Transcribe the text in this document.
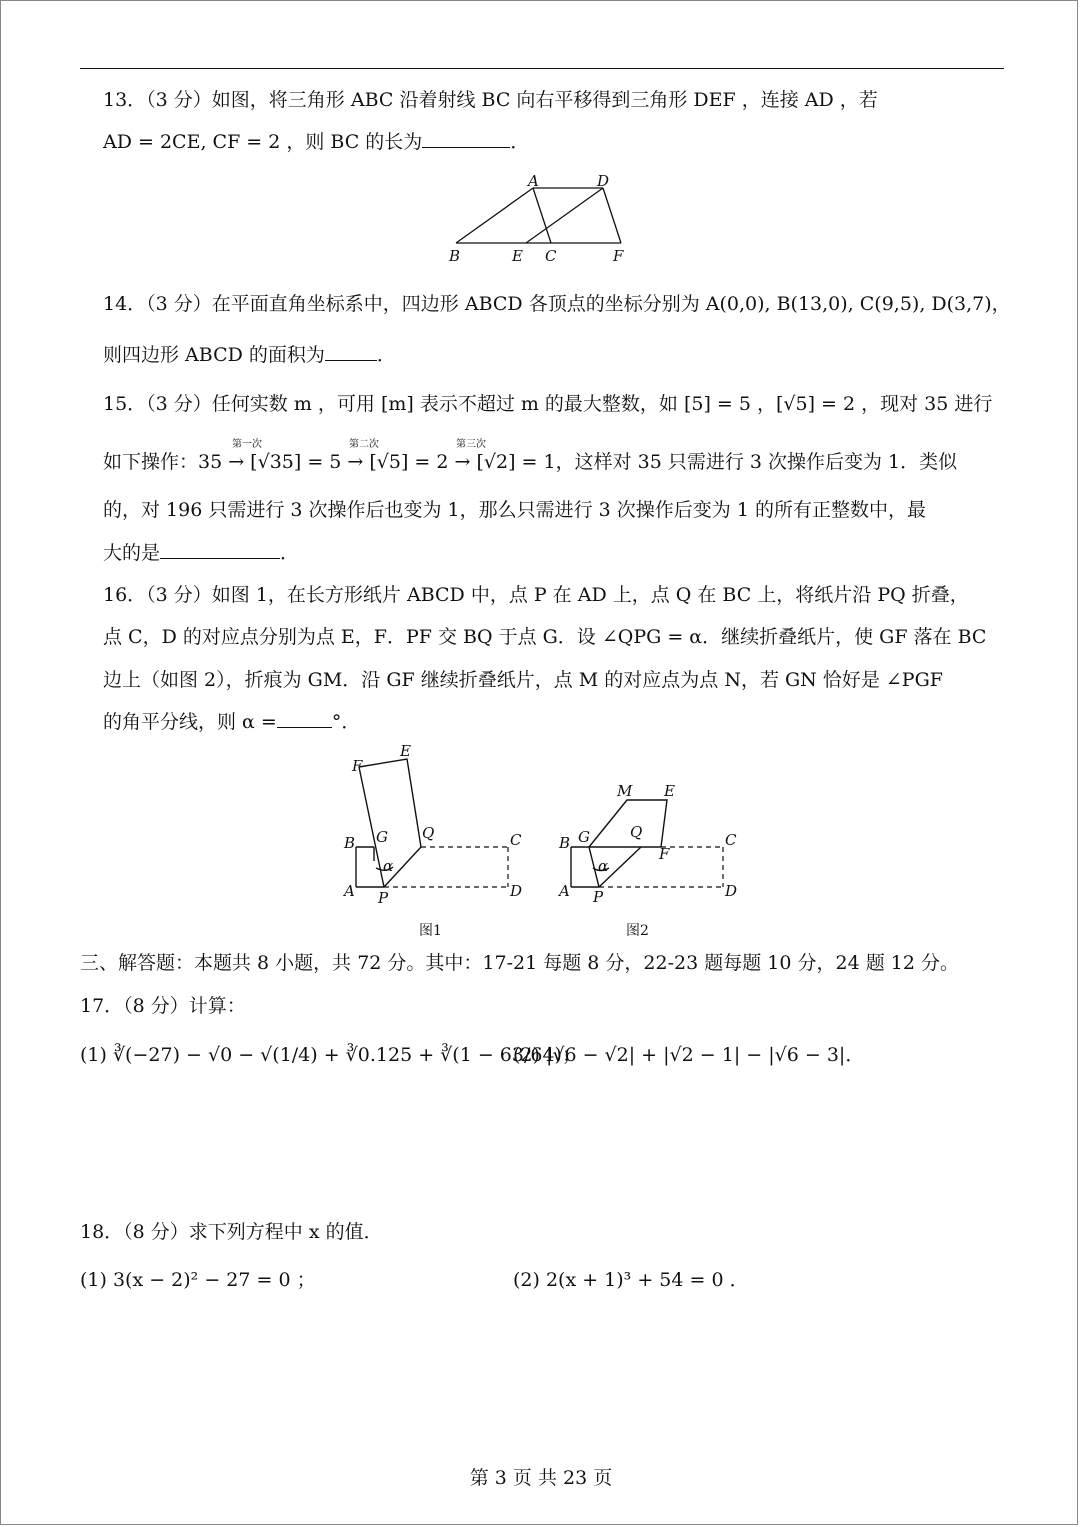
13．（3 分）如图，将三角形 ABC 沿着射线 BC 向右平移得到三角形 DEF ，连接 AD ，若
AD = 2CE, CF = 2 ，则 BC 的长为	．
A	D
B	E C	F
14．（3 分）在平面直角坐标系中，四边形 ABCD 各顶点的坐标分别为 A(0,0), B(13,0), C(9,5), D(3,7)，
则四边形 ABCD 的面积为	．
15．（3 分）任何实数 m ，可用 [m] 表示不超过 m 的最大整数，如 [5] = 5 ，[√5] = 2 ，现对 35 进行
第一次	第二次	第三次
如下操作：35 → [√35] = 5 → [√5] = 2 → [√2] = 1，这样对 35 只需进行 3 次操作后变为 1．类似
的，对 196 只需进行 3 次操作后也变为 1，那么只需进行 3 次操作后变为 1 的所有正整数中，最
大的是	．
16．（3 分）如图 1，在长方形纸片 ABCD 中，点 P 在 AD 上，点 Q 在 BC 上，将纸片沿 PQ 折叠，
点 C，D 的对应点分别为点 E，F．PF 交 BQ 于点 G．设 ∠QPG = α．继续折叠纸片，使 GF 落在 BC
边上（如图 2），折痕为 GM．沿 GF 继续折叠纸片，点 M 的对应点为点 N，若 GN 恰好是 ∠PGF
的角平分线，则 α =	°．
F
E
B G Q	C
α
A P	D
图1
M E
B G	Q	C
F
α
A P	D
图2
三、解答题：本题共 8 小题，共 72 分。其中：17-21 每题 8 分，22-23 题每题 10 分，24 题 12 分。
17．（8 分）计算：
(1) ∛(−27) − √0 − √(1/4) + ∛0.125 + ∛(1 − 63/64)；
(2) |√6 − √2| + |√2 − 1| − |√6 − 3|．
18．（8 分）求下列方程中 x 的值．
(1) 3(x − 2)² − 27 = 0 ；	(2) 2(x + 1)³ + 54 = 0 ．
第 3 页 共 23 页
